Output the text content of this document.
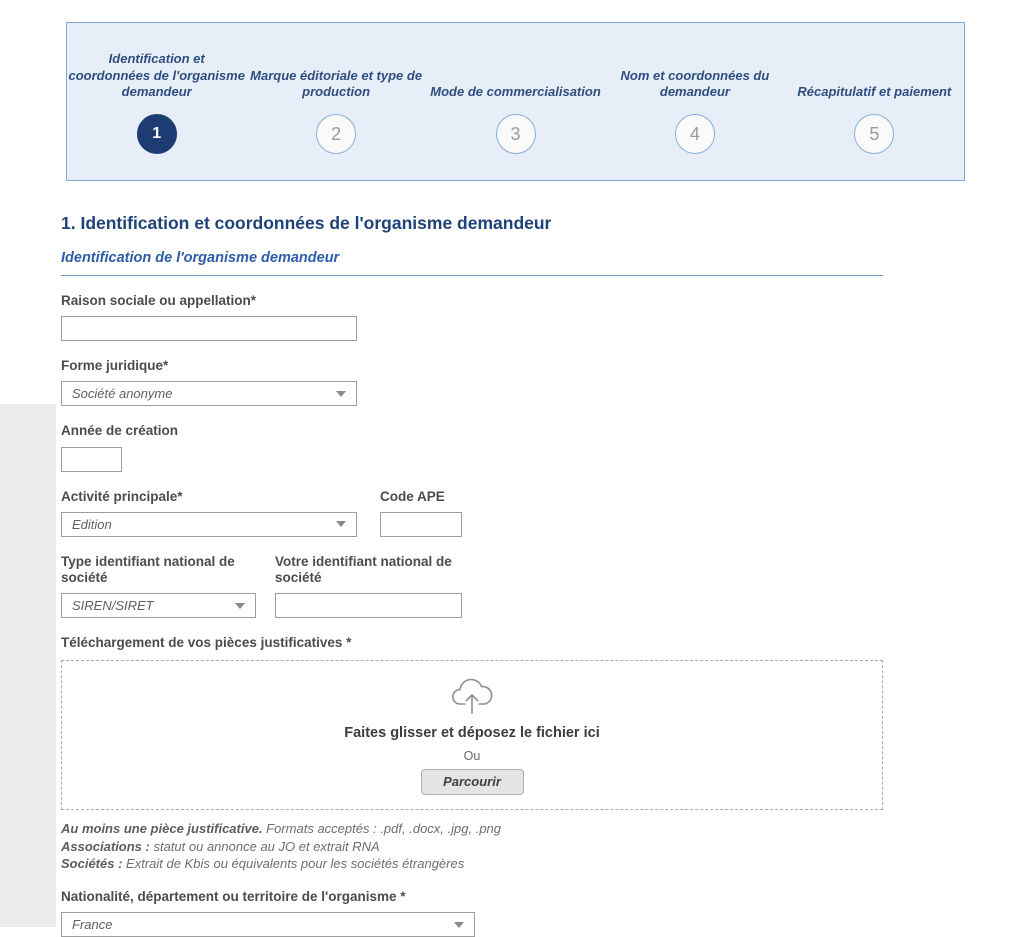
Identification et coordonnées de l'organisme demandeur
1
Marque éditoriale et type de production
2
Mode de commercialisation
3
Nom et coordonnées du demandeur
4
Récapitulatif et paiement
5
1. Identification et coordonnées de l'organisme demandeur
Identification de l'organisme demandeur
Raison sociale ou appellation*
Forme juridique*
Société anonyme
Année de création
Activité principale*
Edition
Code APE
Type identifiant national de société
SIREN/SIRET
Votre identifiant national de société
Téléchargement de vos pièces justificatives *
Faites glisser et déposez le fichier ici
Ou
Parcourir
Au moins une pièce justificative. Formats acceptés : .pdf, .docx, .jpg, .png
Associations : statut ou annonce au JO et extrait RNA
Sociétés : Extrait de Kbis ou équivalents pour les sociétés étrangères
Nationalité, département ou territoire de l'organisme *
France
